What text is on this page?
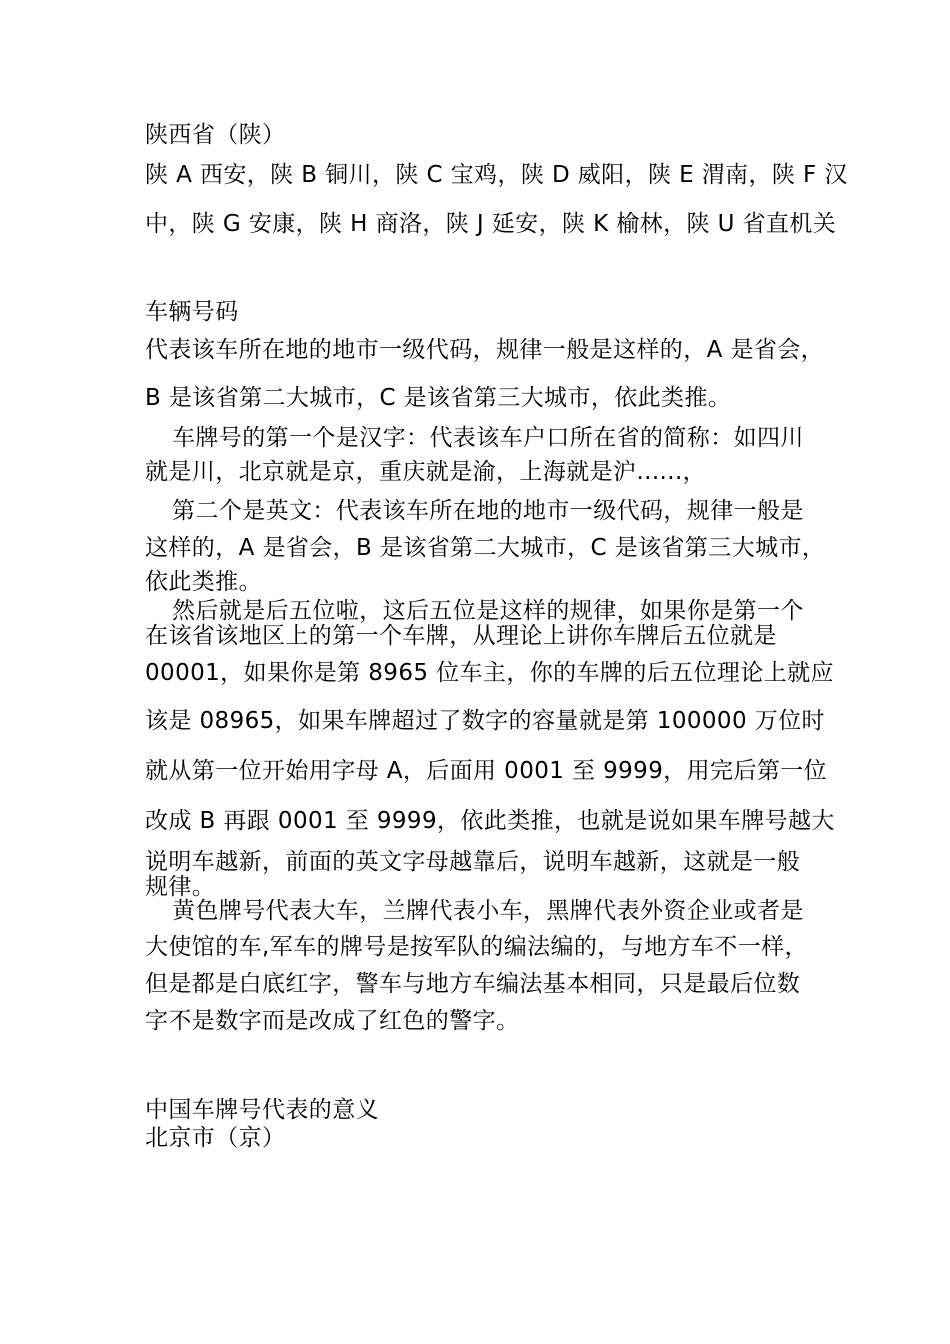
陕西省（陕）

陕 A 西安，陕 B 铜川，陕 C 宝鸡，陕 D 威阳，陕 E 渭南，陕 F 汉

中，陕 G 安康，陕 H 商洛，陕 J 延安，陕 K 榆林，陕 U 省直机关

车辆号码

代表该车所在地的地市一级代码，规律一般是这样的，A 是省会，

B 是该省第二大城市，C 是该省第三大城市，依此类推。

车牌号的第一个是汉字：代表该车户口所在省的简称：如四川

就是川，北京就是京，重庆就是渝，上海就是沪......，

第二个是英文：代表该车所在地的地市一级代码，规律一般是

这样的，A 是省会，B 是该省第二大城市，C 是该省第三大城市，

依此类推。

然后就是后五位啦，这后五位是这样的规律，如果你是第一个

在该省该地区上的第一个车牌，从理论上讲你车牌后五位就是

00001，如果你是第 8965 位车主，你的车牌的后五位理论上就应

该是 08965，如果车牌超过了数字的容量就是第 100000 万位时

就从第一位开始用字母 A，后面用 0001 至 9999，用完后第一位

改成 B 再跟 0001 至 9999，依此类推，也就是说如果车牌号越大

说明车越新，前面的英文字母越靠后，说明车越新，这就是一般

规律。

黄色牌号代表大车，兰牌代表小车，黑牌代表外资企业或者是

大使馆的车,军车的牌号是按军队的编法编的，与地方车不一样，

但是都是白底红字，警车与地方车编法基本相同，只是最后位数

字不是数字而是改成了红色的警字。

中国车牌号代表的意义

北京市（京）
